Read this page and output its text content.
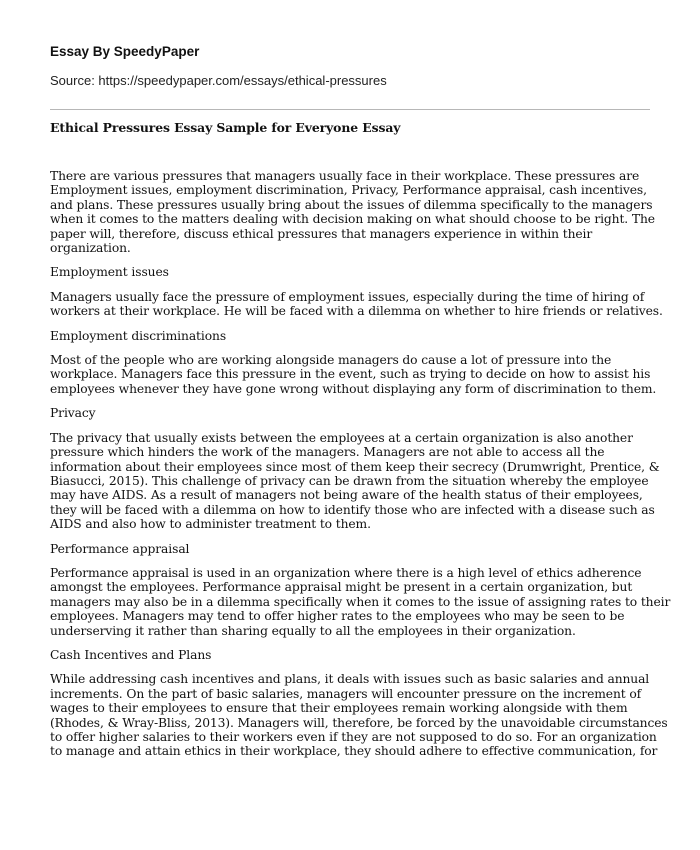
Essay By SpeedyPaper

Source: https://speedypaper.com/essays/ethical-pressures

Ethical Pressures Essay Sample for Everyone Essay

There are various pressures that managers usually face in their workplace. These pressures are
Employment issues, employment discrimination, Privacy, Performance appraisal, cash incentives,
and plans. These pressures usually bring about the issues of dilemma specifically to the managers
when it comes to the matters dealing with decision making on what should choose to be right. The
paper will, therefore, discuss ethical pressures that managers experience in within their
organization.

Employment issues

Managers usually face the pressure of employment issues, especially during the time of hiring of
workers at their workplace. He will be faced with a dilemma on whether to hire friends or relatives.

Employment discriminations

Most of the people who are working alongside managers do cause a lot of pressure into the
workplace. Managers face this pressure in the event, such as trying to decide on how to assist his
employees whenever they have gone wrong without displaying any form of discrimination to them.

Privacy

The privacy that usually exists between the employees at a certain organization is also another
pressure which hinders the work of the managers. Managers are not able to access all the
information about their employees since most of them keep their secrecy (Drumwright, Prentice, &
Biasucci, 2015). This challenge of privacy can be drawn from the situation whereby the employee
may have AIDS. As a result of managers not being aware of the health status of their employees,
they will be faced with a dilemma on how to identify those who are infected with a disease such as
AIDS and also how to administer treatment to them.

Performance appraisal

Performance appraisal is used in an organization where there is a high level of ethics adherence
amongst the employees. Performance appraisal might be present in a certain organization, but
managers may also be in a dilemma specifically when it comes to the issue of assigning rates to their
employees. Managers may tend to offer higher rates to the employees who may be seen to be
underserving it rather than sharing equally to all the employees in their organization.

Cash Incentives and Plans

While addressing cash incentives and plans, it deals with issues such as basic salaries and annual
increments. On the part of basic salaries, managers will encounter pressure on the increment of
wages to their employees to ensure that their employees remain working alongside with them
(Rhodes, & Wray-Bliss, 2013). Managers will, therefore, be forced by the unavoidable circumstances
to offer higher salaries to their workers even if they are not supposed to do so. For an organization
to manage and attain ethics in their workplace, they should adhere to effective communication, for
